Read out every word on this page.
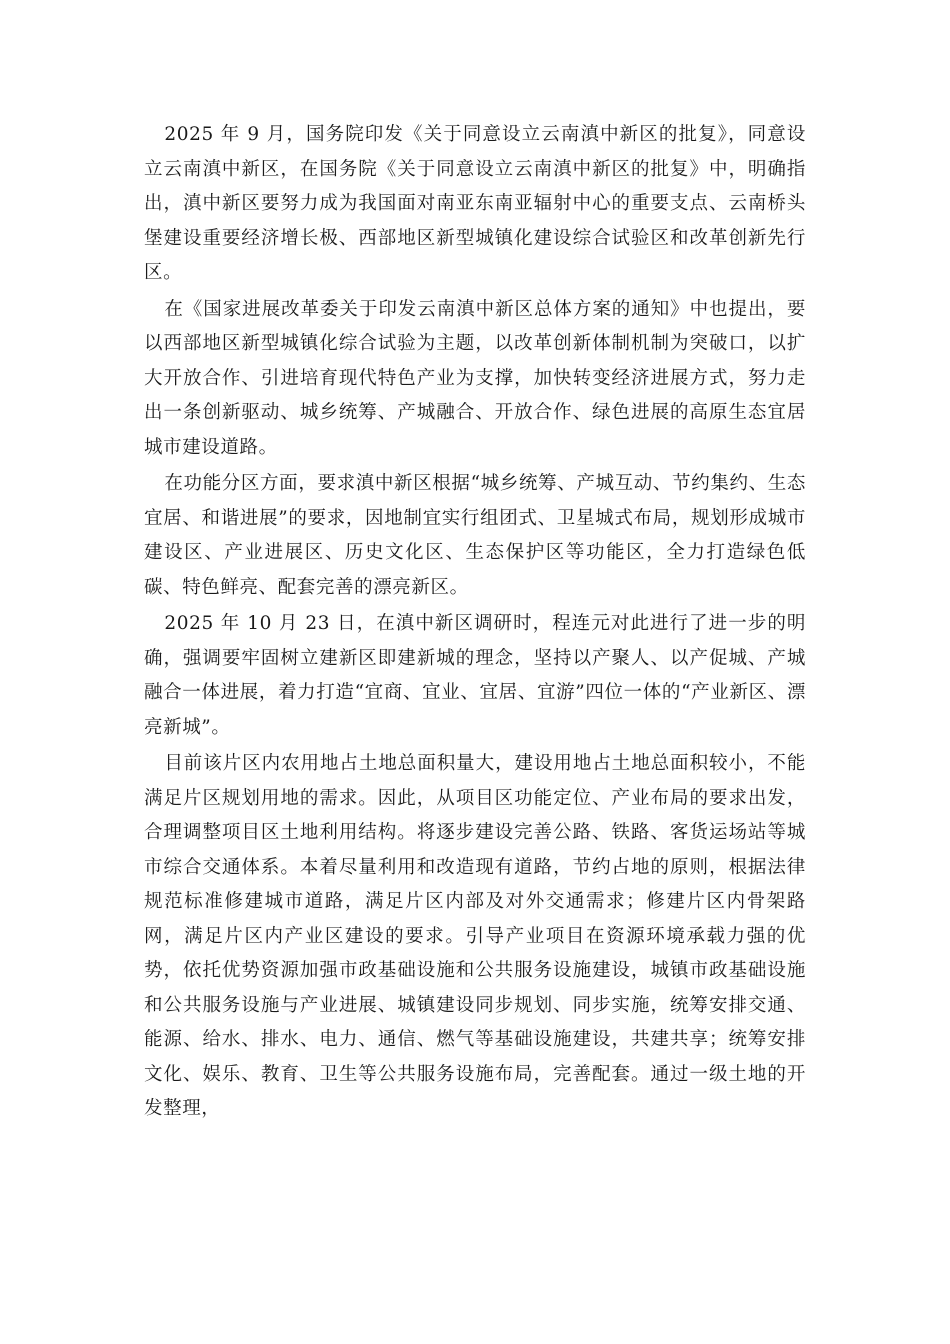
2025 年 9 月，国务院印发《关于同意设立云南滇中新区的批复》，同意设立云南滇中新区，在国务院《关于同意设立云南滇中新区的批复》中，明确指出，滇中新区要努力成为我国面对南亚东南亚辐射中心的重要支点、云南桥头堡建设重要经济增长极、西部地区新型城镇化建设综合试验区和改革创新先行区。

在《国家进展改革委关于印发云南滇中新区总体方案的通知》中也提出，要以西部地区新型城镇化综合试验为主题，以改革创新体制机制为突破口，以扩大开放合作、引进培育现代特色产业为支撑，加快转变经济进展方式，努力走出一条创新驱动、城乡统筹、产城融合、开放合作、绿色进展的高原生态宜居城市建设道路。

在功能分区方面，要求滇中新区根据“城乡统筹、产城互动、节约集约、生态宜居、和谐进展”的要求，因地制宜实行组团式、卫星城式布局，规划形成城市建设区、产业进展区、历史文化区、生态保护区等功能区，全力打造绿色低碳、特色鲜亮、配套完善的漂亮新区。

2025 年 10 月 23 日，在滇中新区调研时，程连元对此进行了进一步的明确，强调要牢固树立建新区即建新城的理念，坚持以产聚人、以产促城、产城融合一体进展，着力打造“宜商、宜业、宜居、宜游”四位一体的“产业新区、漂亮新城”。

目前该片区内农用地占土地总面积量大，建设用地占土地总面积较小，不能满足片区规划用地的需求。因此，从项目区功能定位、产业布局的要求出发，合理调整项目区土地利用结构。将逐步建设完善公路、铁路、客货运场站等城市综合交通体系。本着尽量利用和改造现有道路，节约占地的原则，根据法律规范标准修建城市道路，满足片区内部及对外交通需求；修建片区内骨架路网，满足片区内产业区建设的要求。引导产业项目在资源环境承载力强的优势，依托优势资源加强市政基础设施和公共服务设施建设，城镇市政基础设施和公共服务设施与产业进展、城镇建设同步规划、同步实施，统筹安排交通、能源、给水、排水、电力、通信、燃气等基础设施建设，共建共享；统筹安排文化、娱乐、教育、卫生等公共服务设施布局，完善配套。通过一级土地的开发整理，
